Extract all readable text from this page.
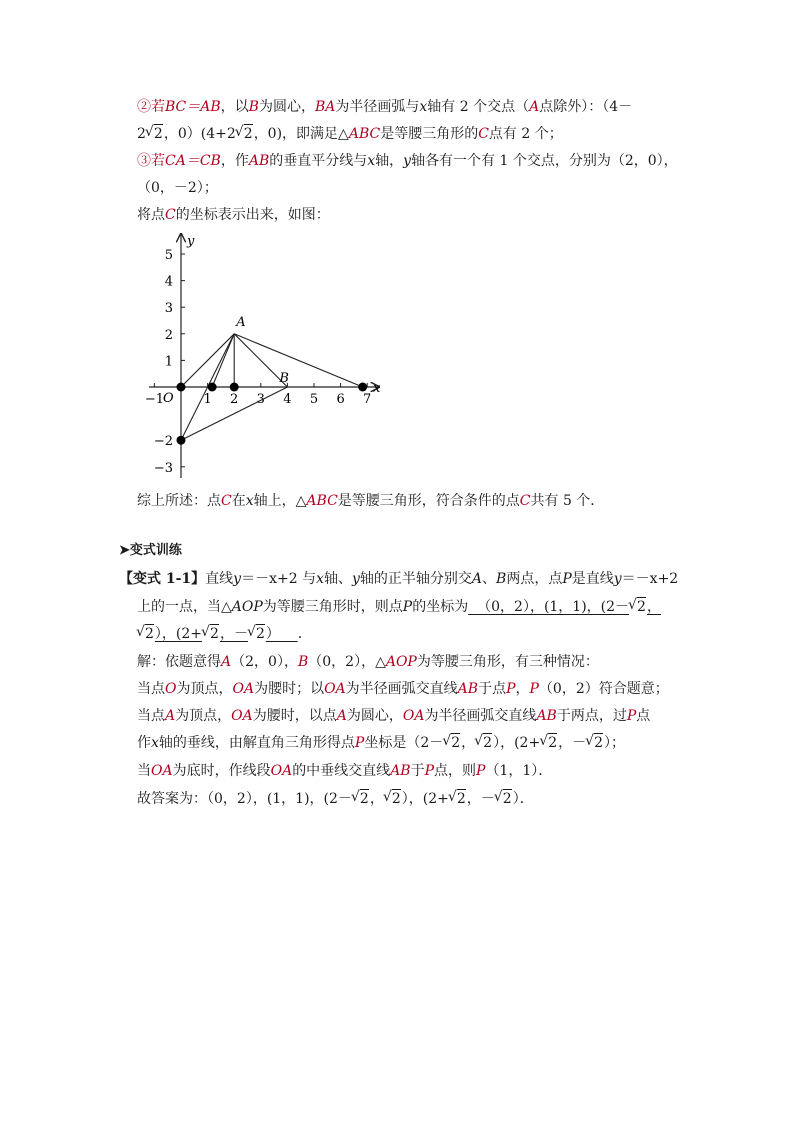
②若BC＝AB，以B为圆心，BA为半径画弧与x轴有 2 个交点（A点除外）：（4－
2 √ 2，0）(4+2 √ 2，0)，即满足△ABC是等腰三角形的C点有 2 个；
③若CA＝CB，作AB的垂直平分线与x轴，y轴各有一个有 1 个交点，分别为（2，0），
（0，－2）；
将点C的坐标表示出来，如图：
x
y
O
−1	1 2 3 4 5 6 7
5
4
3
2
1
−2
−3
A
B
综上所述：点C在x轴上，△ABC是等腰三角形，符合条件的点C共有 5 个．
➤变式训练
【变式 1-1】直线y＝－x+2 与x轴、y轴的正半轴分别交A、B两点，点P是直线y＝－x+2
上的一点，当△AOP为等腰三角形时，则点P的坐标为 （0，2），(1，1)，(2－ √ 2，
√ 2），(2+ √ 2，－ √ 2） ．
解：依题意得A（2，0），B（0，2），△AOP为等腰三角形，有三种情况：
当点O为顶点，OA为腰时；以OA为半径画弧交直线AB于点P，P（0，2）符合题意；
当点A为顶点，OA为腰时，以点A为圆心，OA为半径画弧交直线AB于两点，过P点
作x轴的垂线，由解直角三角形得点P坐标是（2－ √ 2， √ 2），(2+ √ 2，－ √ 2）；
当OA为底时，作线段OA的中垂线交直线AB于P点，则P（1，1）．
故答案为：（0，2），(1，1)，(2－ √ 2， √ 2），(2+ √ 2，－ √ 2）．
